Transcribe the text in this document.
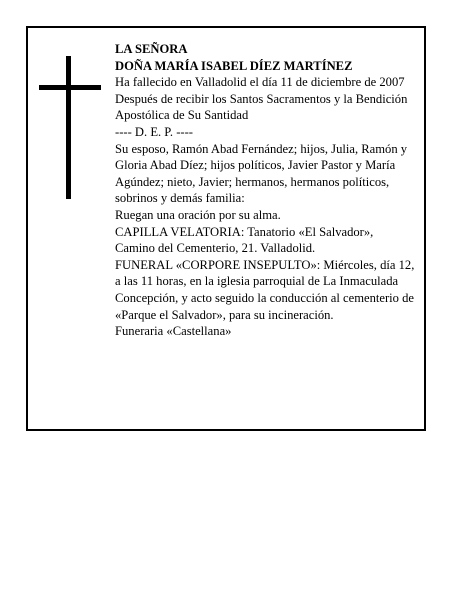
LA SEÑORA

DOÑA MARÍA ISABEL DÍEZ MARTÍNEZ

Ha fallecido en Valladolid el día 11 de diciembre de 2007

Después de recibir los Santos Sacramentos y la Bendición Apostólica de Su Santidad

---- D. E. P. ----

Su esposo, Ramón Abad Fernández; hijos, Julia, Ramón y Gloria Abad Díez; hijos políticos, Javier Pastor y María Agúndez; nieto, Javier; hermanos, hermanos políticos, sobrinos y demás familia:

Ruegan una oración por su alma.

CAPILLA VELATORIA: Tanatorio «El Salvador», Camino del Cementerio, 21. Valladolid.

FUNERAL «CORPORE INSEPULTO»: Miércoles, día 12, a las 11 horas, en la iglesia parroquial de La Inmaculada Concepción, y acto seguido la conducción al cementerio de «Parque el Salvador», para su incineración.

Funeraria «Castellana»
